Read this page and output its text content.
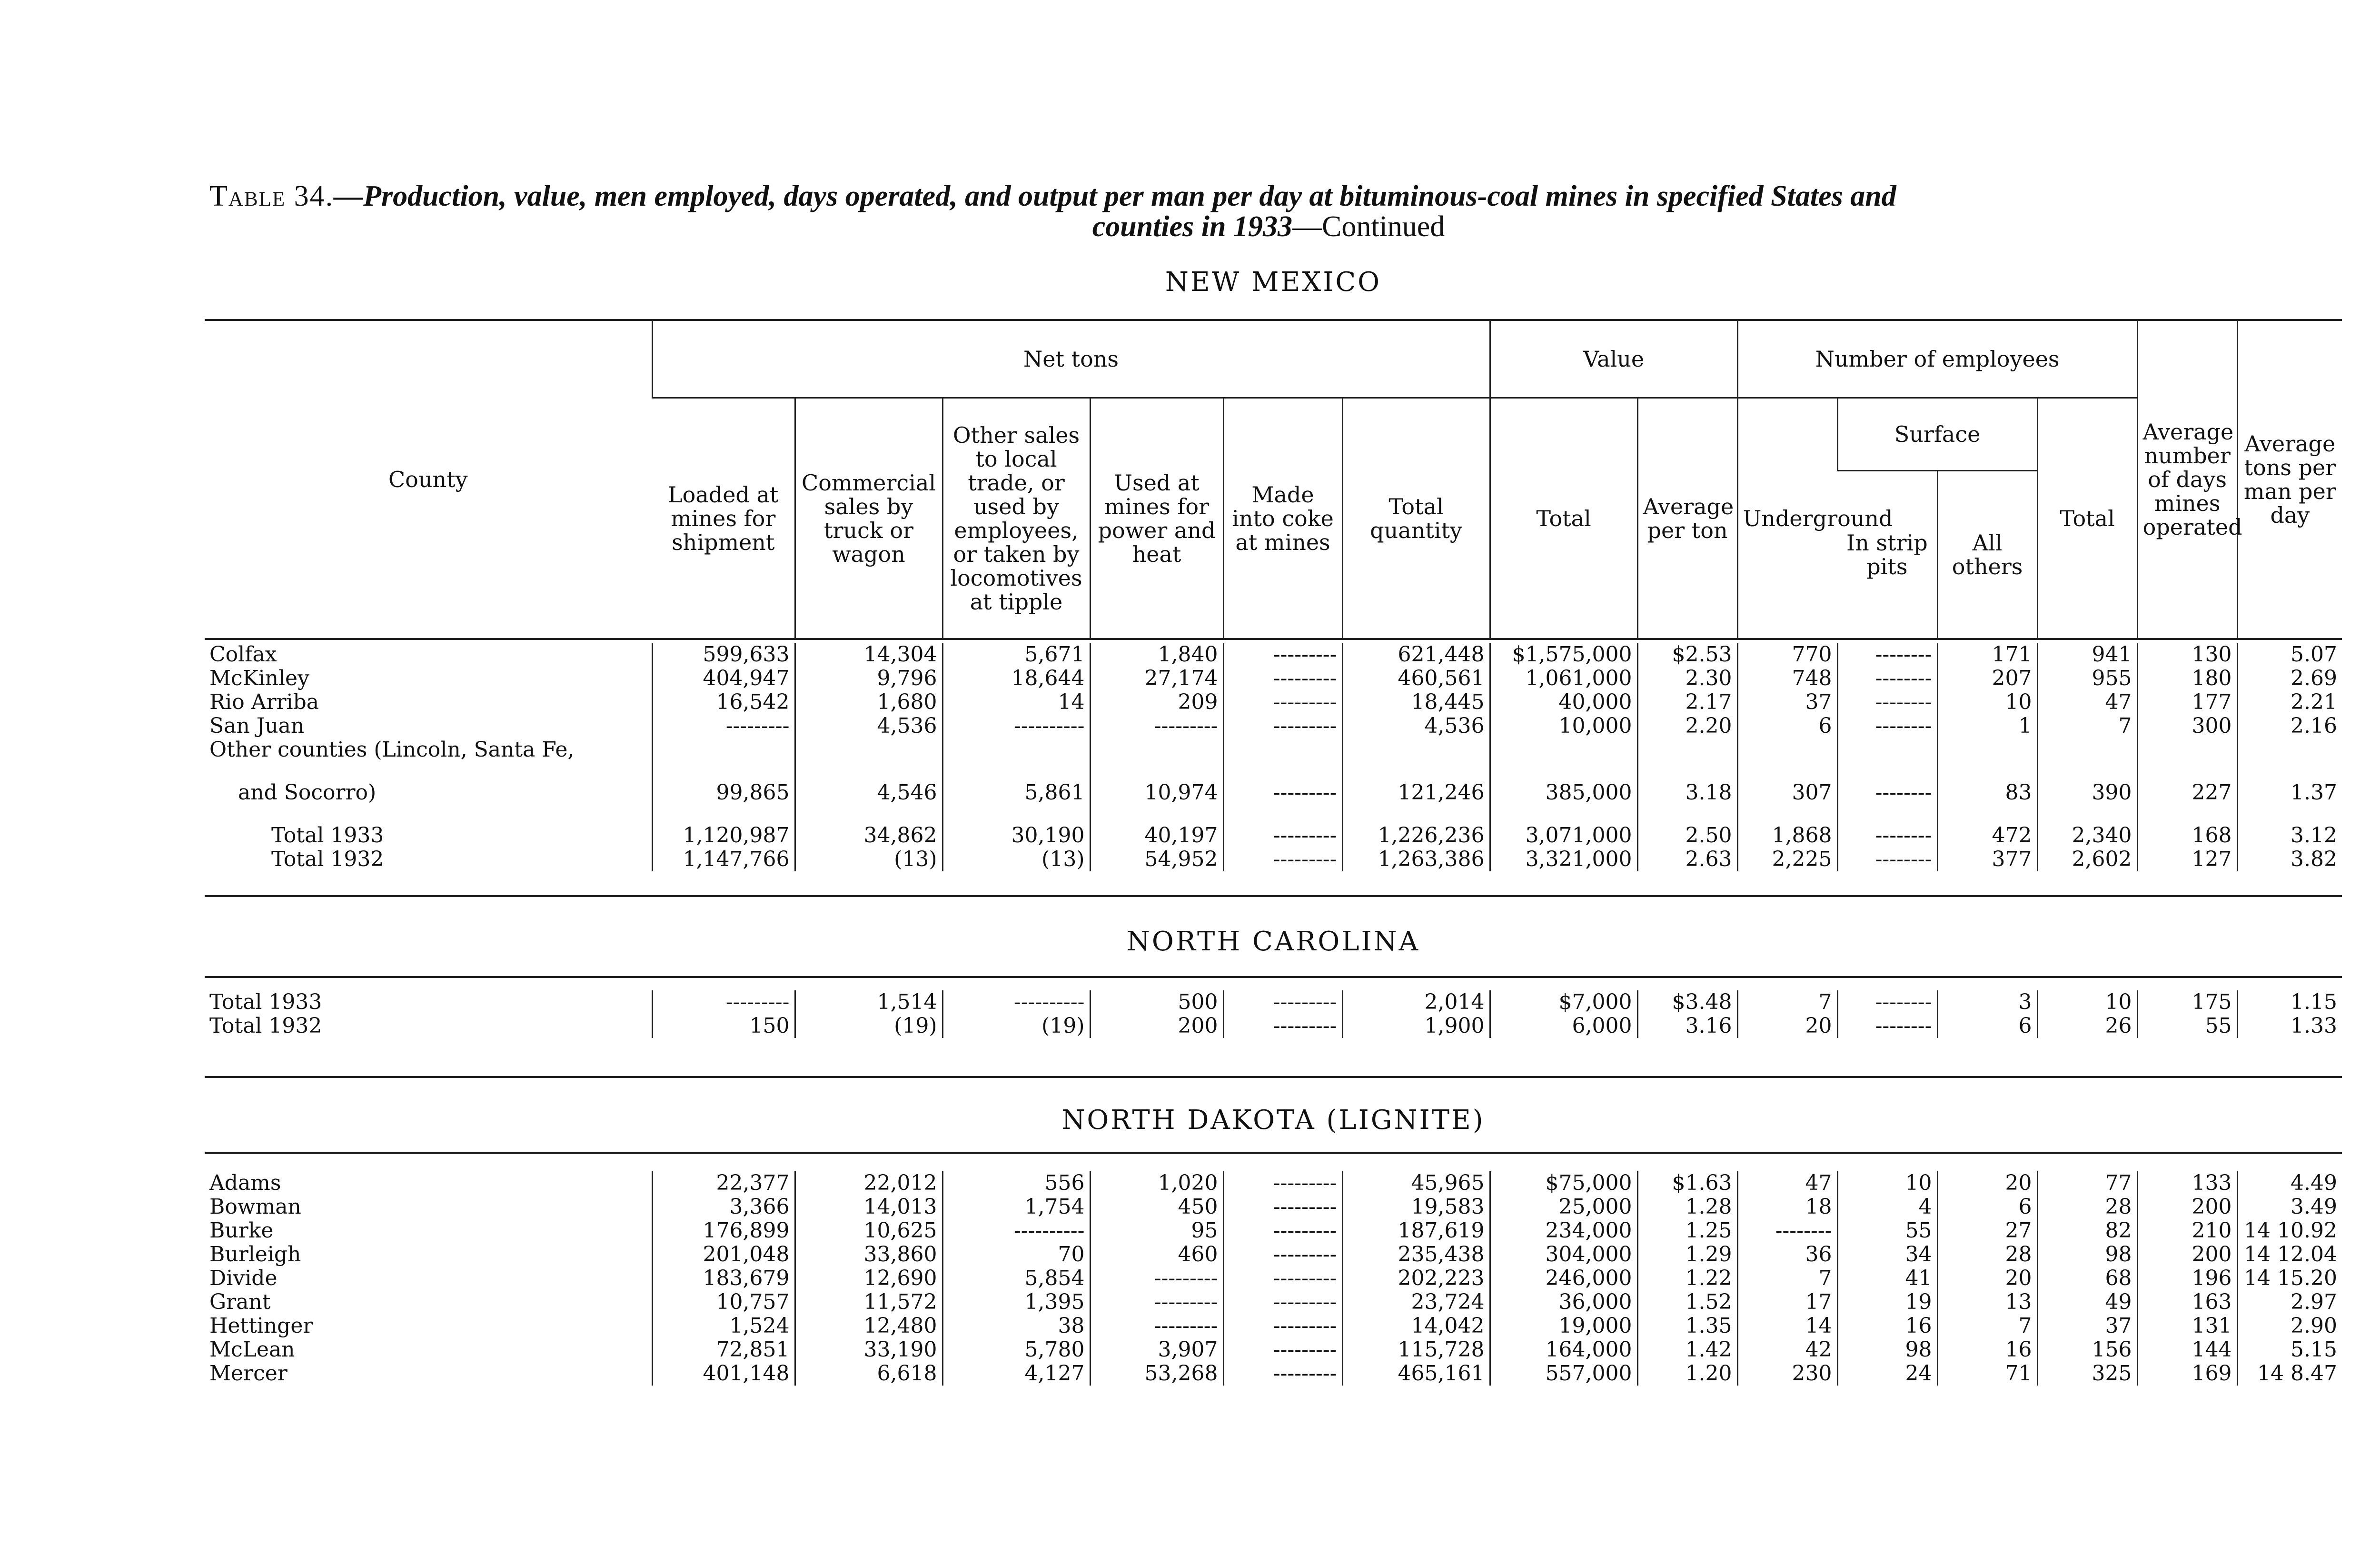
Table 34.—Production, value, men employed, days operated, and output per man per day at bituminous-coal mines in specified States and
counties in 1933—Continued
NEW MEXICO
County	Net tons						Value		Number of employees				Average number of days mines operated	Average tons per man per day
	Loaded at mines for shipment	Commercial sales by truck or wagon	Other sales to local trade, or used by employees, or taken by locomotives at tipple	Used at mines for power and heat	Made into coke at mines	Total quantity	Total	Average per ton	Underground	Surface		Total		
										In strip pits	All others			
Colfax	599,633	14,304	5,671	1,840	---------	621,448	$1,575,000	$2.53	770	--------	171	941	130	5.07
McKinley	404,947	9,796	18,644	27,174	---------	460,561	1,061,000	2.30	748	--------	207	955	180	2.69
Rio Arriba	16,542	1,680	14	209	---------	18,445	40,000	2.17	37	--------	10	47	177	2.21
San Juan	---------	4,536	----------	---------	---------	4,536	10,000	2.20	6	--------	1	7	300	2.16
Other counties (Lincoln, Santa Fe,														

and Socorro)	99,865	4,546	5,861	10,974	---------	121,246	385,000	3.18	307	--------	83	390	227	1.37

Total 1933	1,120,987	34,862	30,190	40,197	---------	1,226,236	3,071,000	2.50	1,868	--------	472	2,340	168	3.12
Total 1932	1,147,766	(13)	(13)	54,952	---------	1,263,386	3,321,000	2.63	2,225	--------	377	2,602	127	3.82
NORTH CAROLINA
Total 1933	---------	1,514	----------	500	---------	2,014	$7,000	$3.48	7	--------	3	10	175	1.15
Total 1932	150	(19)	(19)	200	---------	1,900	6,000	3.16	20	--------	6	26	55	1.33
NORTH DAKOTA (LIGNITE)
Adams	22,377	22,012	556	1,020	---------	45,965	$75,000	$1.63	47	10	20	77	133	4.49
Bowman	3,366	14,013	1,754	450	---------	19,583	25,000	1.28	18	4	6	28	200	3.49
Burke	176,899	10,625	----------	95	---------	187,619	234,000	1.25	--------	55	27	82	210	14 10.92
Burleigh	201,048	33,860	70	460	---------	235,438	304,000	1.29	36	34	28	98	200	14 12.04
Divide	183,679	12,690	5,854	---------	---------	202,223	246,000	1.22	7	41	20	68	196	14 15.20
Grant	10,757	11,572	1,395	---------	---------	23,724	36,000	1.52	17	19	13	49	163	2.97
Hettinger	1,524	12,480	38	---------	---------	14,042	19,000	1.35	14	16	7	37	131	2.90
McLean	72,851	33,190	5,780	3,907	---------	115,728	164,000	1.42	42	98	16	156	144	5.15
Mercer	401,148	6,618	4,127	53,268	---------	465,161	557,000	1.20	230	24	71	325	169	14 8.47
